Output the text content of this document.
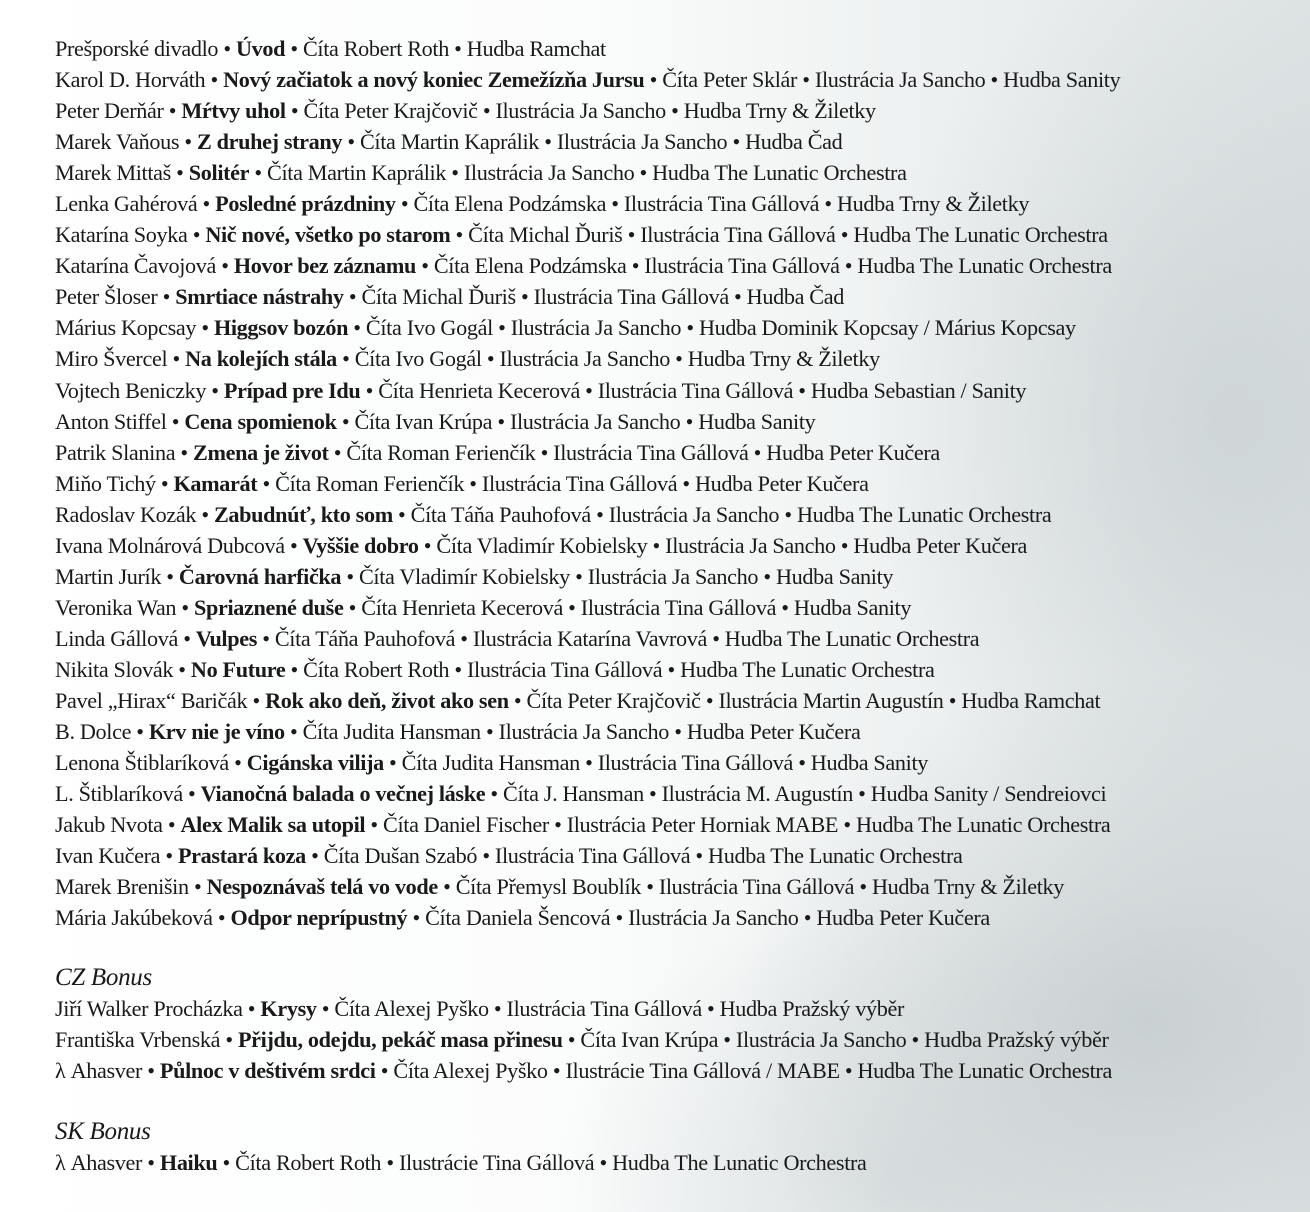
Prešporské divadlo • Úvod • Číta Robert Roth • Hudba Ramchat
Karol D. Horváth • Nový začiatok a nový koniec Zemežízňa Jursu • Číta Peter Sklár • Ilustrácia Ja Sancho • Hudba Sanity
Peter Derňár • Mŕtvy uhol • Číta Peter Krajčovič • Ilustrácia Ja Sancho • Hudba Trny & Žiletky
Marek Vaňous • Z druhej strany • Číta Martin Kaprálik • Ilustrácia Ja Sancho • Hudba Čad
Marek Mittaš • Solitér • Číta Martin Kaprálik • Ilustrácia Ja Sancho • Hudba The Lunatic Orchestra
Lenka Gahérová • Posledné prázdniny • Číta Elena Podzámska • Ilustrácia Tina Gállová • Hudba Trny & Žiletky
Katarína Soyka • Nič nové, všetko po starom • Číta Michal Ďuriš • Ilustrácia Tina Gállová • Hudba The Lunatic Orchestra
Katarína Čavojová • Hovor bez záznamu • Číta Elena Podzámska • Ilustrácia Tina Gállová • Hudba The Lunatic Orchestra
Peter Šloser • Smrtiace nástrahy • Číta Michal Ďuriš • Ilustrácia Tina Gállová • Hudba Čad
Márius Kopcsay • Higgsov bozón • Číta Ivo Gogál • Ilustrácia Ja Sancho • Hudba Dominik Kopcsay / Márius Kopcsay
Miro Švercel • Na kolejích stála • Číta Ivo Gogál • Ilustrácia Ja Sancho • Hudba Trny & Žiletky
Vojtech Beniczky • Prípad pre Idu • Číta Henrieta Kecerová • Ilustrácia Tina Gállová • Hudba Sebastian / Sanity
Anton Stiffel • Cena spomienok • Číta Ivan Krúpa • Ilustrácia Ja Sancho • Hudba Sanity
Patrik Slanina • Zmena je život • Číta Roman Ferienčík • Ilustrácia Tina Gállová • Hudba Peter Kučera
Miňo Tichý • Kamarát • Číta Roman Ferienčík • Ilustrácia Tina Gállová • Hudba Peter Kučera
Radoslav Kozák • Zabudnúť, kto som • Číta Táňa Pauhofová • Ilustrácia Ja Sancho • Hudba The Lunatic Orchestra
Ivana Molnárová Dubcová • Vyššie dobro • Číta Vladimír Kobielsky • Ilustrácia Ja Sancho • Hudba Peter Kučera
Martin Jurík • Čarovná harfička • Číta Vladimír Kobielsky • Ilustrácia Ja Sancho • Hudba Sanity
Veronika Wan • Spriaznené duše • Číta Henrieta Kecerová • Ilustrácia Tina Gállová • Hudba Sanity
Linda Gállová • Vulpes • Číta Táňa Pauhofová • Ilustrácia Katarína Vavrová • Hudba The Lunatic Orchestra
Nikita Slovák • No Future • Číta Robert Roth • Ilustrácia Tina Gállová • Hudba The Lunatic Orchestra
Pavel „Hirax“ Baričák • Rok ako deň, život ako sen • Číta Peter Krajčovič • Ilustrácia Martin Augustín • Hudba Ramchat
B. Dolce • Krv nie je víno • Číta Judita Hansman • Ilustrácia Ja Sancho • Hudba Peter Kučera
Lenona Štiblaríková • Cigánska vilija • Číta Judita Hansman • Ilustrácia Tina Gállová • Hudba Sanity
L. Štiblaríková • Vianočná balada o večnej láske • Číta J. Hansman • Ilustrácia M. Augustín • Hudba Sanity / Sendreiovci
Jakub Nvota • Alex Malik sa utopil • Číta Daniel Fischer • Ilustrácia Peter Horniak MABE • Hudba The Lunatic Orchestra
Ivan Kučera • Prastará koza • Číta Dušan Szabó • Ilustrácia Tina Gállová • Hudba The Lunatic Orchestra
Marek Brenišin • Nespoznávaš telá vo vode • Číta Přemysl Boublík • Ilustrácia Tina Gállová • Hudba Trny & Žiletky
Mária Jakúbeková • Odpor neprípustný • Číta Daniela Šencová • Ilustrácia Ja Sancho • Hudba Peter Kučera
CZ Bonus
Jiří Walker Procházka • Krysy • Číta Alexej Pyško • Ilustrácia Tina Gállová • Hudba Pražský výběr
Františka Vrbenská • Přijdu, odejdu, pekáč masa přinesu • Číta Ivan Krúpa • Ilustrácia Ja Sancho • Hudba Pražský výběr
λ Ahasver • Půlnoc v deštivém srdci • Číta Alexej Pyško • Ilustrácie Tina Gállová / MABE • Hudba The Lunatic Orchestra
SK Bonus
λ Ahasver • Haiku • Číta Robert Roth • Ilustrácie Tina Gállová • Hudba The Lunatic Orchestra
